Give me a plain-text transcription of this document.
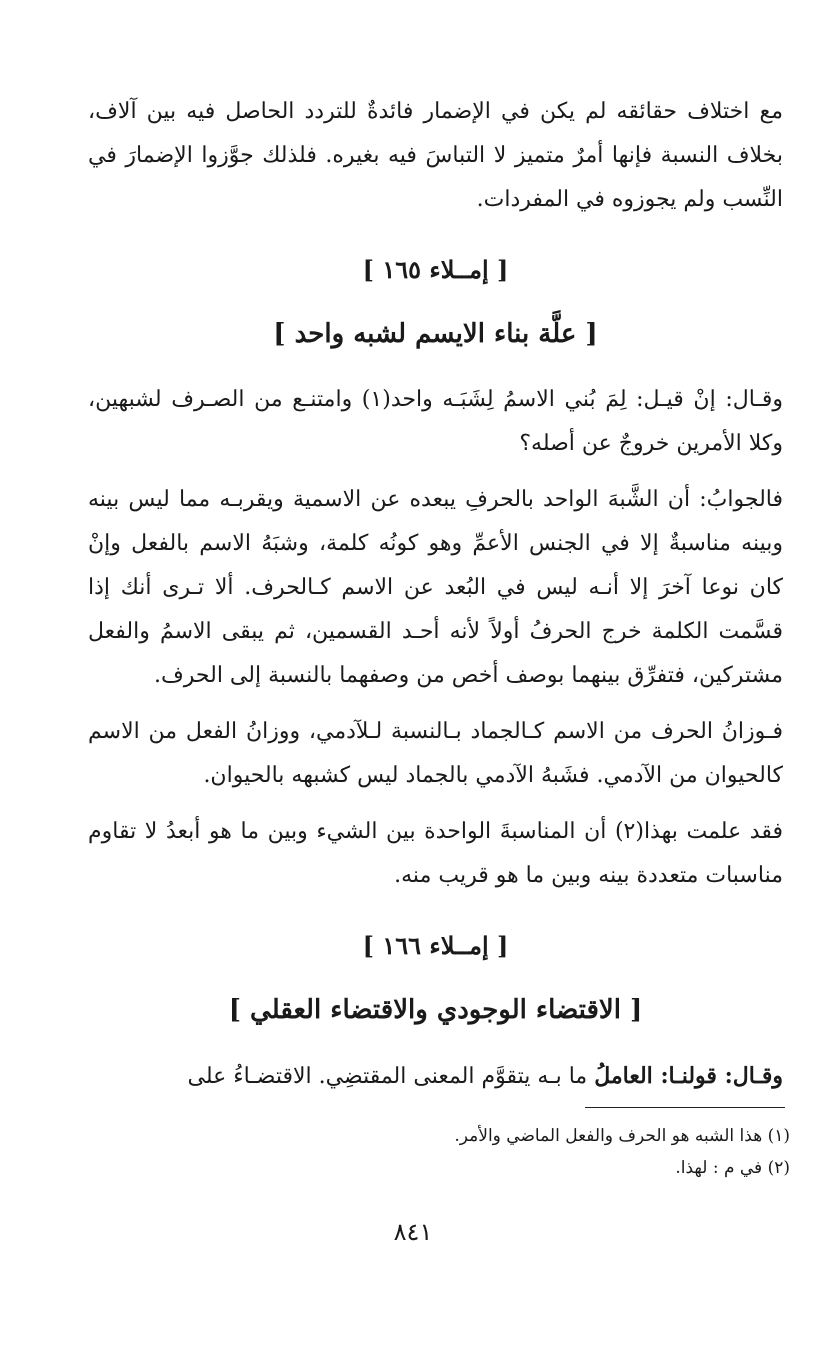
مع اختلاف حقائقه لم يكن في الإضمار فائدةٌ للتردد الحاصل فيه بين آلاف، بخلاف النسبة فإنها أمرٌ متميز لا التباسَ فيه بغيره. فلذلك جوَّزوا الإضمارَ في النِّسب ولم يجوزوه في المفردات.

[ إمــلاء ١٦٥ ]

[ علَّة بناء الايسم لشبه واحد ]

وقـال: إنْ قيـل: لِمَ بُني الاسمُ لِشَبَـه واحد(١) وامتنـع من الصـرف لشبهين، وكلا الأمرين خروجٌ عن أصله؟

فالجوابُ: أن الشَّبهَ الواحد بالحرفِ يبعده عن الاسمية ويقربـه مما ليس بينه وبينه مناسبةٌ إلا في الجنس الأعمِّ وهو كونُه كلمة، وشبَهُ الاسم بالفعل وإنْ كان نوعا آخرَ إلا أنـه ليس في البُعد عن الاسم كـالحرف. ألا تـرى أنك إذا قسَّمت الكلمة خرج الحرفُ أولاً لأنه أحـد القسمين، ثم يبقى الاسمُ والفعل مشتركين، فتفرِّق بينهما بوصف أخص من وصفهما بالنسبة إلى الحرف.

فـوزانُ الحرف من الاسم كـالجماد بـالنسبة لـلآدمي، ووزانُ الفعل من الاسم كالحيوان من الآدمي. فشَبهُ الآدمي بالجماد ليس كشبهه بالحيوان.

فقد علمت بهذا(٢) أن المناسبةَ الواحدة بين الشيء وبين ما هو أبعدُ لا تقاوم مناسبات متعددة بينه وبين ما هو قريب منه.

[ إمــلاء ١٦٦ ]

[ الاقتضاء الوجودي والاقتضاء العقلي ]

وقـال: قولنـا: العاملُ ما بـه يتقوَّم المعنى المقتضِي. الاقتضـاءُ على

(١) هذا الشبه هو الحرف والفعل الماضي والأمر.

(٢) في م : لهذا.

٨٤١
